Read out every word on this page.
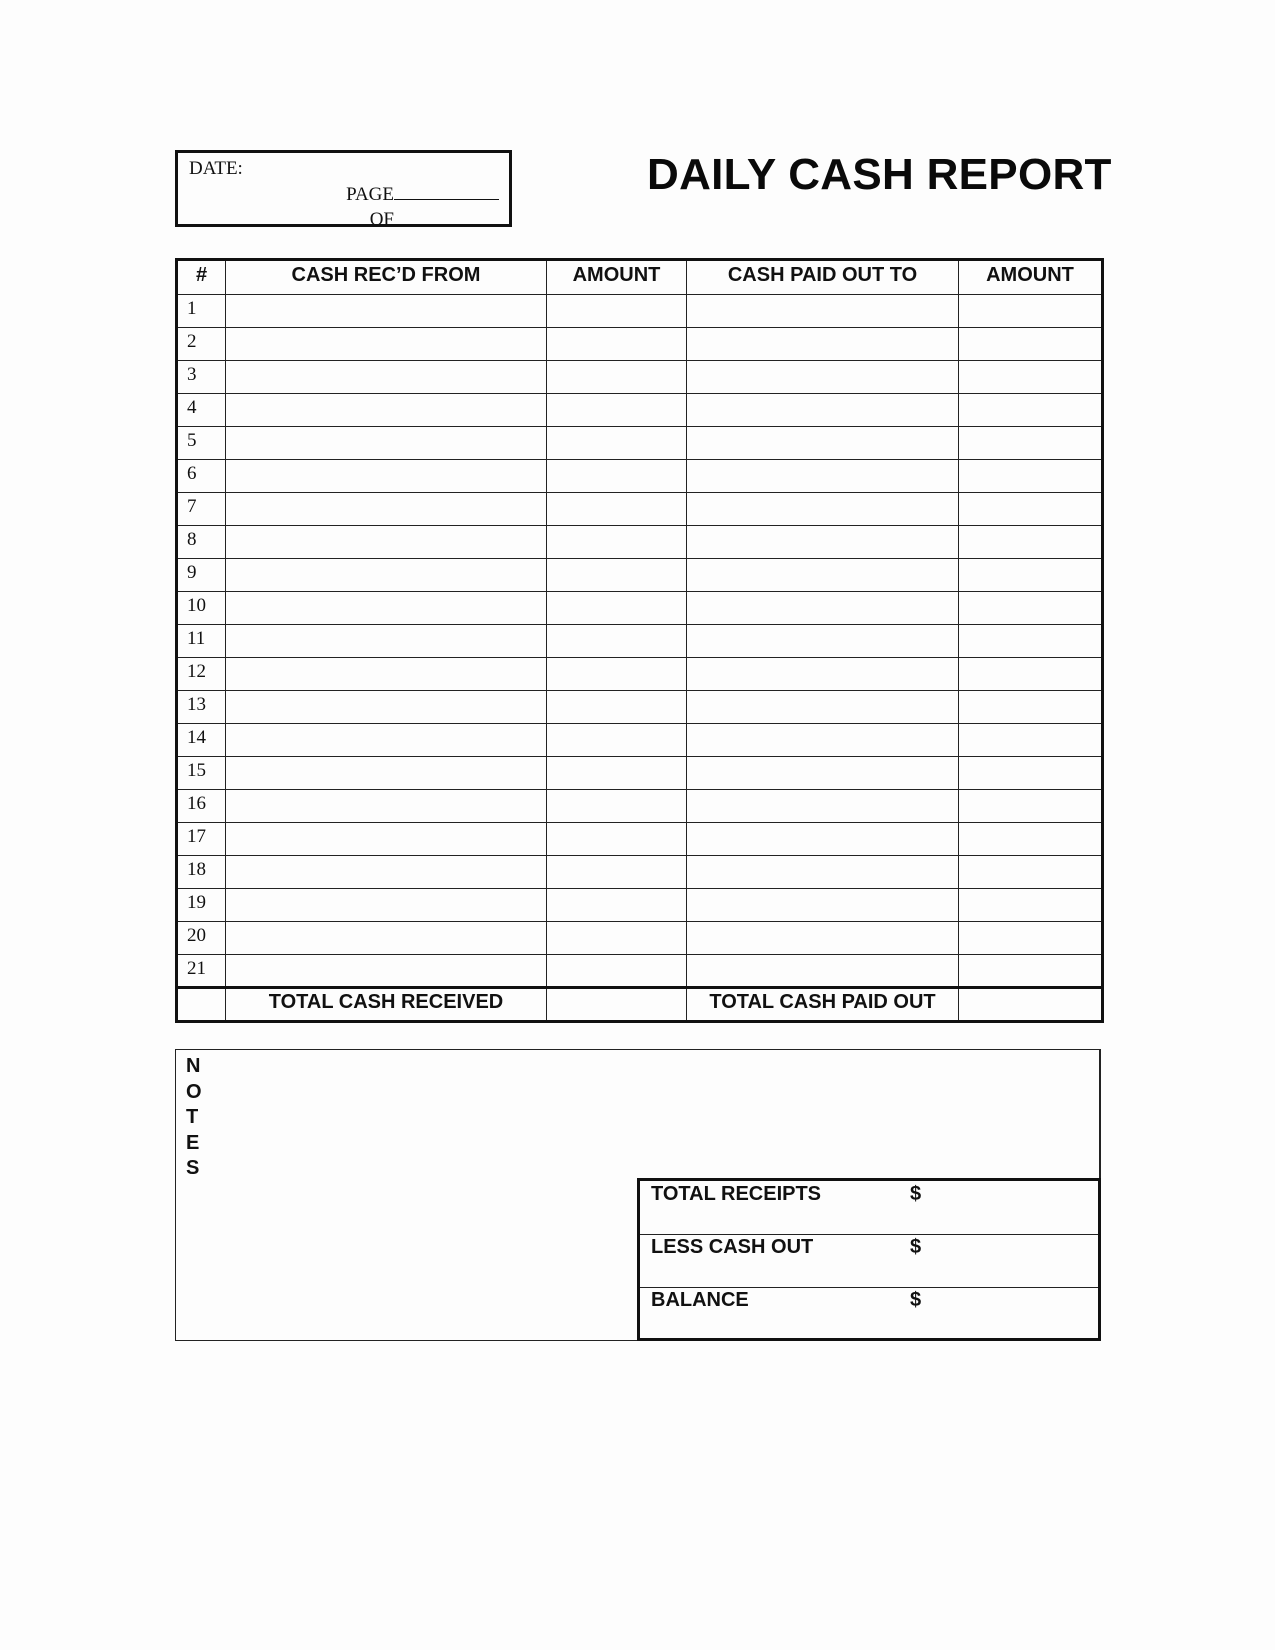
DATE:
PAGE
OF
DAILY CASH REPORT
#	CASH REC’D FROM	AMOUNT	CASH PAID OUT TO	AMOUNT
1				
2				
3				
4				
5				
6				
7				
8				
9				
10				
11				
12				
13				
14				
15				
16				
17				
18				
19				
20				
21				
	TOTAL CASH RECEIVED		TOTAL CASH PAID OUT	
N
O
T
E
S
TOTAL RECEIPTS	$
LESS CASH OUT	$
BALANCE	$
